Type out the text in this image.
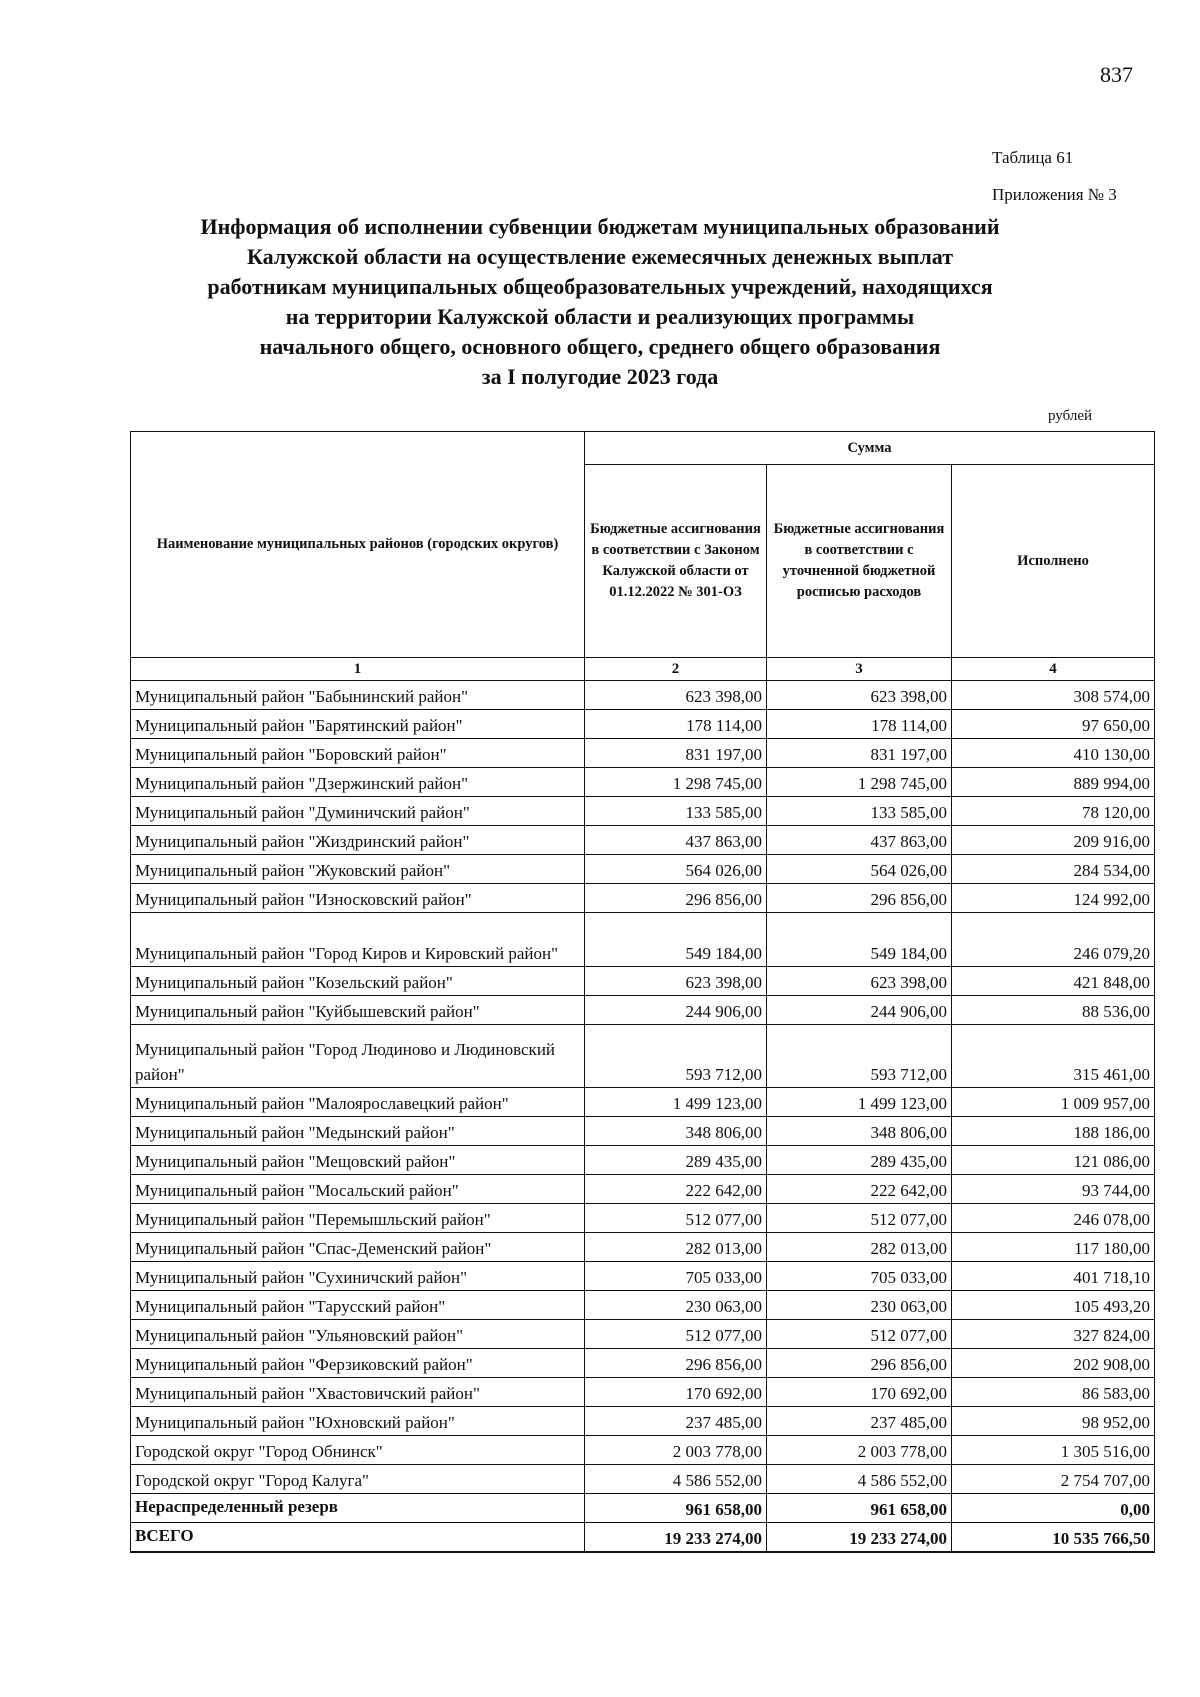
837
Таблица 61
Приложения № 3
Информация об исполнении субвенции бюджетам муниципальных образований
Калужской области на осуществление ежемесячных денежных выплат
работникам муниципальных общеобразовательных учреждений, находящихся
на территории Калужской области и реализующих программы
начального общего, основного общего, среднего общего образования
за I полугодие 2023 года
рублей
Наименование муниципальных районов (городских округов)	Сумма		
	Бюджетные ассигнования в соответствии с Законом Калужской области от 01.12.2022 № 301-ОЗ	Бюджетные ассигнования в соответствии с уточненной бюджетной росписью расходов	Исполнено
1	2	3	4
Муниципальный район "Бабынинский район"	623 398,00	623 398,00	308 574,00
Муниципальный район "Барятинский район"	178 114,00	178 114,00	97 650,00
Муниципальный район "Боровский район"	831 197,00	831 197,00	410 130,00
Муниципальный район "Дзержинский район"	1 298 745,00	1 298 745,00	889 994,00
Муниципальный район "Думиничский район"	133 585,00	133 585,00	78 120,00
Муниципальный район "Жиздринский район"	437 863,00	437 863,00	209 916,00
Муниципальный район "Жуковский район"	564 026,00	564 026,00	284 534,00
Муниципальный район "Износковский район"	296 856,00	296 856,00	124 992,00
Муниципальный район "Город Киров и Кировский район"	549 184,00	549 184,00	246 079,20
Муниципальный район "Козельский район"	623 398,00	623 398,00	421 848,00
Муниципальный район "Куйбышевский район"	244 906,00	244 906,00	88 536,00
Муниципальный район "Город Людиново и Людиновский район"	593 712,00	593 712,00	315 461,00
Муниципальный район "Малоярославецкий район"	1 499 123,00	1 499 123,00	1 009 957,00
Муниципальный район "Медынский район"	348 806,00	348 806,00	188 186,00
Муниципальный район "Мещовский район"	289 435,00	289 435,00	121 086,00
Муниципальный район "Мосальский район"	222 642,00	222 642,00	93 744,00
Муниципальный район "Перемышльский район"	512 077,00	512 077,00	246 078,00
Муниципальный район "Спас-Деменский район"	282 013,00	282 013,00	117 180,00
Муниципальный район "Сухиничский район"	705 033,00	705 033,00	401 718,10
Муниципальный район "Тарусский район"	230 063,00	230 063,00	105 493,20
Муниципальный район "Ульяновский район"	512 077,00	512 077,00	327 824,00
Муниципальный район "Ферзиковский район"	296 856,00	296 856,00	202 908,00
Муниципальный район "Хвастовичский район"	170 692,00	170 692,00	86 583,00
Муниципальный район "Юхновский район"	237 485,00	237 485,00	98 952,00
Городской округ "Город Обнинск"	2 003 778,00	2 003 778,00	1 305 516,00
Городской округ "Город Калуга"	4 586 552,00	4 586 552,00	2 754 707,00
Нераспределенный резерв	961 658,00	961 658,00	0,00
ВСЕГО	19 233 274,00	19 233 274,00	10 535 766,50
